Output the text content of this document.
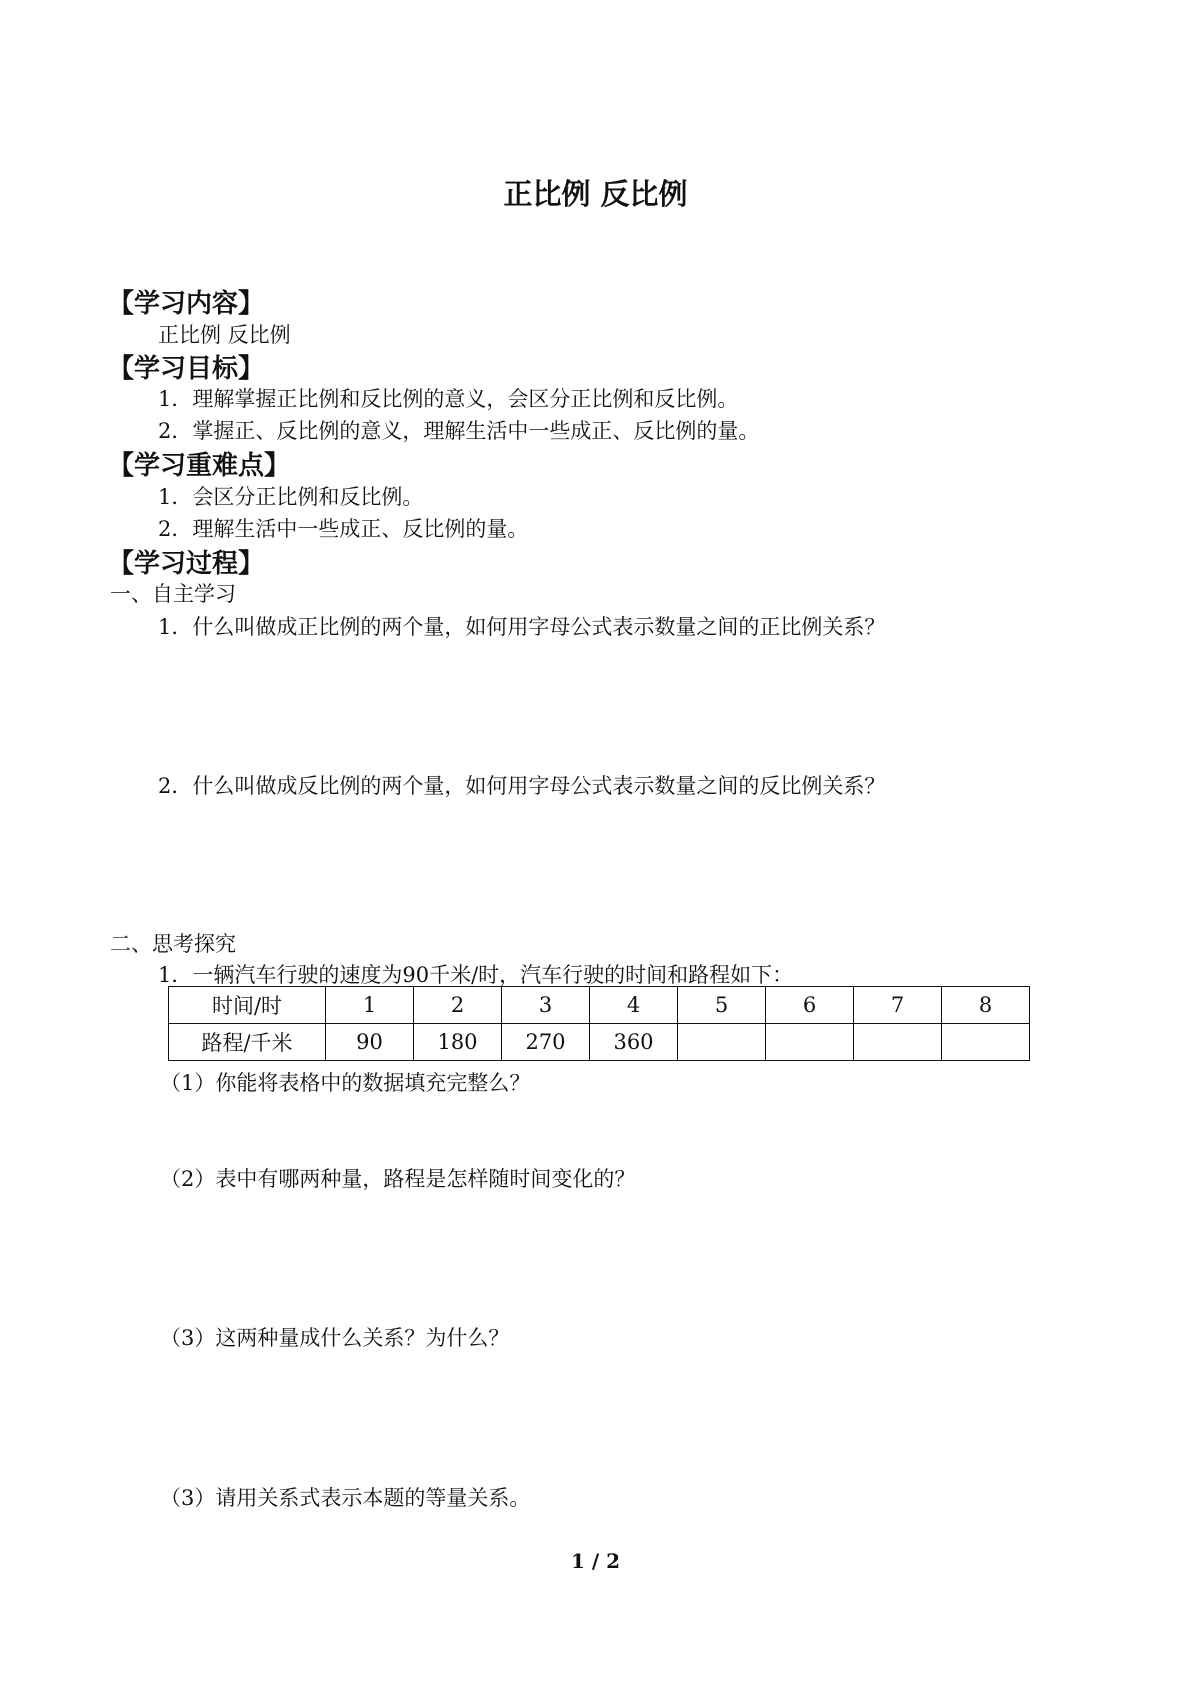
正比例 反比例
【学习内容】
正比例 反比例
【学习目标】
1．理解掌握正比例和反比例的意义，会区分正比例和反比例。
2．掌握正、反比例的意义，理解生活中一些成正、反比例的量。
【学习重难点】
1．会区分正比例和反比例。
2．理解生活中一些成正、反比例的量。
【学习过程】
一、自主学习
1．什么叫做成正比例的两个量，如何用字母公式表示数量之间的正比例关系？
2．什么叫做成反比例的两个量，如何用字母公式表示数量之间的反比例关系？
二、思考探究
1．一辆汽车行驶的速度为90千米/时，汽车行驶的时间和路程如下：
时间/时	1	2	3	4	5	6	7	8
路程/千米	90	180	270	360				
（1）你能将表格中的数据填充完整么？
（2）表中有哪两种量，路程是怎样随时间变化的？
（3）这两种量成什么关系？为什么？
（3）请用关系式表示本题的等量关系。
1 / 2
